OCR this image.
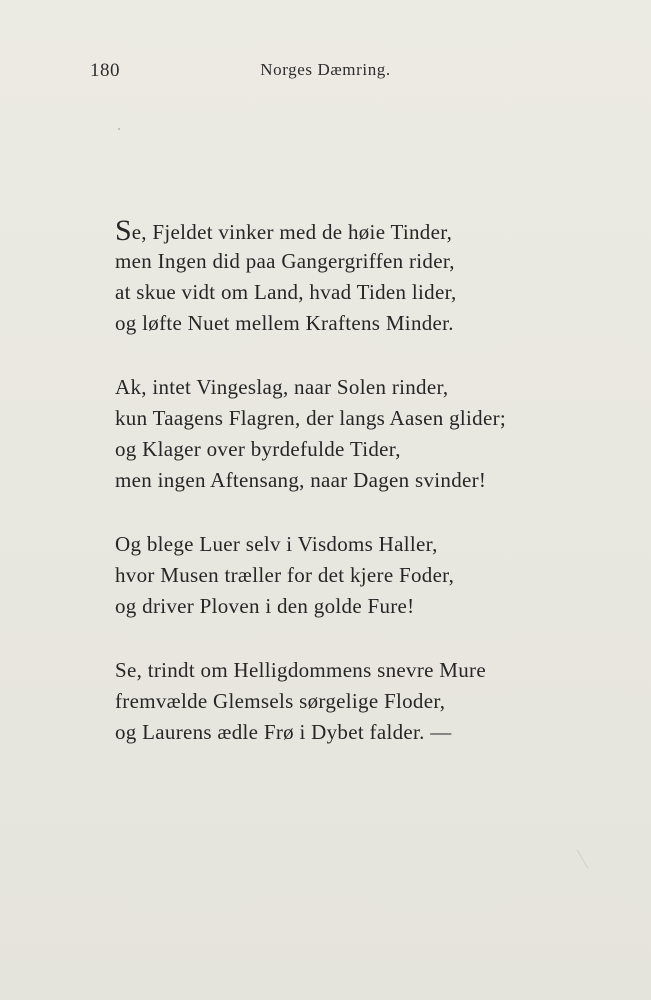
180	Norges Dæmring.
Se, Fjeldet vinker med de høie Tinder,
men Ingen did paa Gangergriffen rider,
at skue vidt om Land, hvad Tiden lider,
og løfte Nuet mellem Kraftens Minder.
Ak, intet Vingeslag, naar Solen rinder,
kun Taagens Flagren, der langs Aasen glider;
og Klager over byrdefulde Tider,
men ingen Aftensang, naar Dagen svinder!
Og blege Luer selv i Visdoms Haller,
hvor Musen træller for det kjere Foder,
og driver Ploven i den golde Fure!
Se, trindt om Helligdommens snevre Mure
fremvælde Glemsels sørgelige Floder,
og Laurens ædle Frø i Dybet falder. —
